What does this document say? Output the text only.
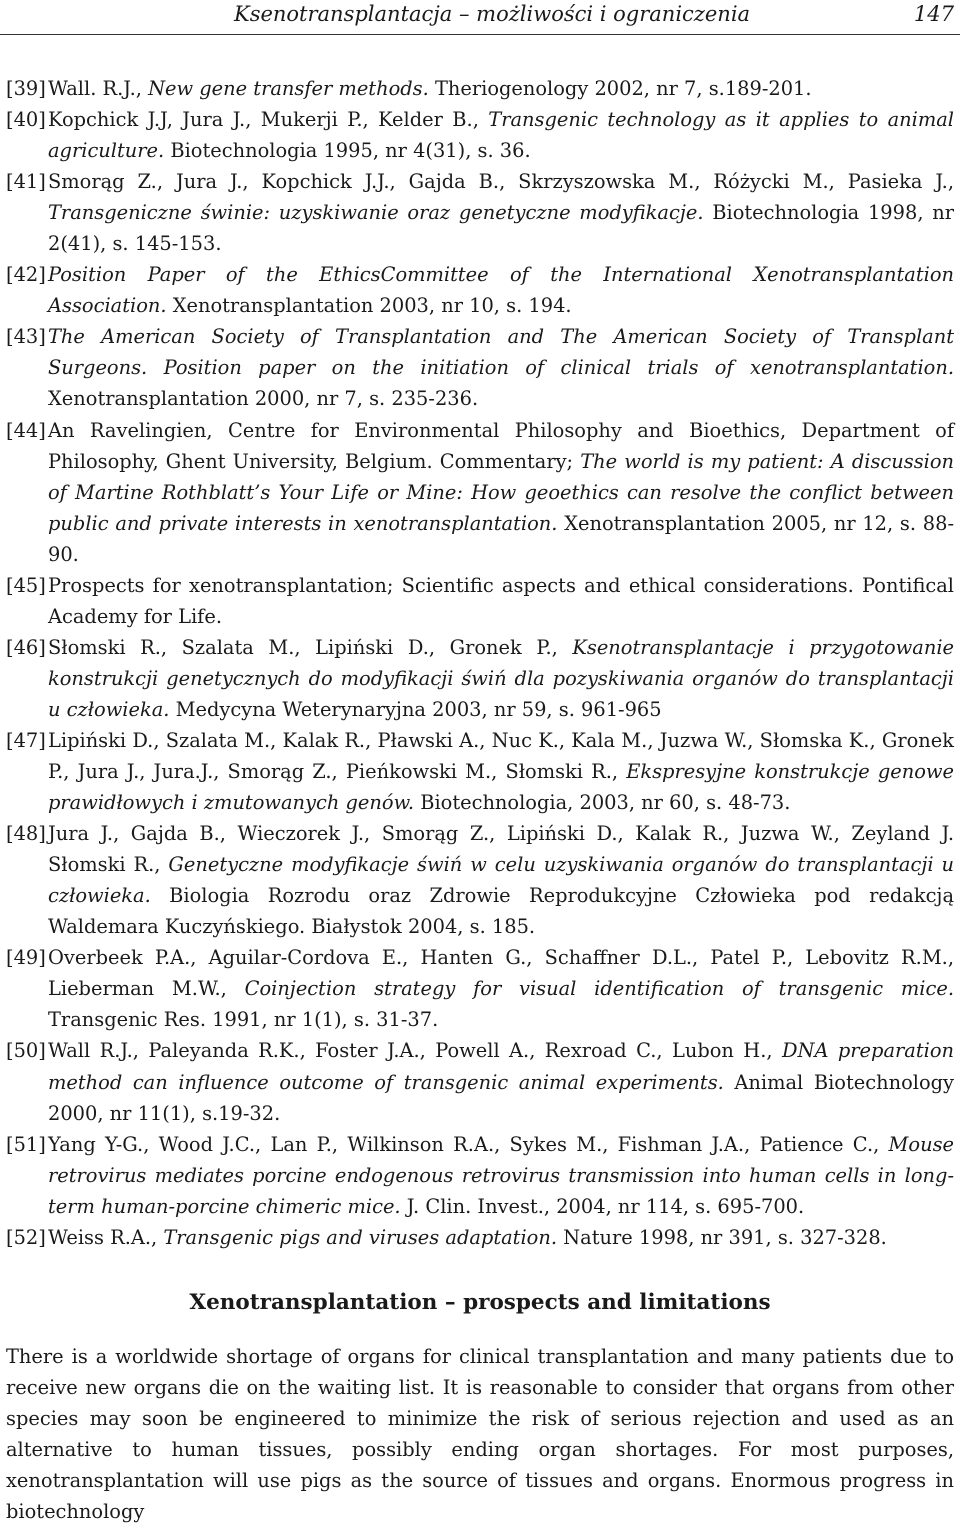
Ksenotransplantacja – możliwości i ograniczenia	147
[39] Wall. R.J., New gene transfer methods. Theriogenology 2002, nr 7, s.189-201.
[40] Kopchick J.J, Jura J., Mukerji P., Kelder B., Transgenic technology as it applies to animal agriculture. Biotechnologia 1995, nr 4(31), s. 36.
[41] Smorąg Z., Jura J., Kopchick J.J., Gajda B., Skrzyszowska M., Różycki M., Pasieka J., Transgeniczne świnie: uzyskiwanie oraz genetyczne modyfikacje. Biotechnologia 1998, nr 2(41), s. 145-153.
[42] Position Paper of the EthicsCommittee of the International Xenotransplantation Association. Xenotransplantation 2003, nr 10, s. 194.
[43] The American Society of Transplantation and The American Society of Transplant Surgeons. Position paper on the initiation of clinical trials of xenotransplantation. Xenotransplantation 2000, nr 7, s. 235-236.
[44] An Ravelingien, Centre for Environmental Philosophy and Bioethics, Department of Philosophy, Ghent University, Belgium. Commentary; The world is my patient: A discussion of Martine Rothblatt’s Your Life or Mine: How geoethics can resolve the conflict between public and private interests in xenotransplantation. Xenotransplantation 2005, nr 12, s. 88-90.
[45] Prospects for xenotransplantation; Scientific aspects and ethical considerations. Pontifical Academy for Life.
[46] Słomski R., Szalata M., Lipiński D., Gronek P., Ksenotransplantacje i przygotowanie konstrukcji genetycznych do modyfikacji świń dla pozyskiwania organów do transplantacji u człowieka. Medycyna Weterynaryjna 2003, nr 59, s. 961-965
[47] Lipiński D., Szalata M., Kalak R., Pławski A., Nuc K., Kala M., Juzwa W., Słomska K., Gronek P., Jura J., Jura.J., Smorąg Z., Pieńkowski M., Słomski R., Ekspresyjne konstrukcje genowe prawidłowych i zmutowanych genów. Biotechnologia, 2003, nr 60, s. 48-73.
[48] Jura J., Gajda B., Wieczorek J., Smorąg Z., Lipiński D., Kalak R., Juzwa W., Zeyland J. Słomski R., Genetyczne modyfikacje świń w celu uzyskiwania organów do transplantacji u człowieka. Biologia Rozrodu oraz Zdrowie Reprodukcyjne Człowieka pod redakcją Waldemara Kuczyńskiego. Białystok 2004, s. 185.
[49] Overbeek P.A., Aguilar-Cordova E., Hanten G., Schaffner D.L., Patel P., Lebovitz R.M., Lieberman M.W., Coinjection strategy for visual identification of transgenic mice. Transgenic Res. 1991, nr 1(1), s. 31-37.
[50] Wall R.J., Paleyanda R.K., Foster J.A., Powell A., Rexroad C., Lubon H., DNA preparation method can influence outcome of transgenic animal experiments. Animal Biotechnology 2000, nr 11(1), s.19-32.
[51] Yang Y-G., Wood J.C., Lan P., Wilkinson R.A., Sykes M., Fishman J.A., Patience C., Mouse retrovirus mediates porcine endogenous retrovirus transmission into human cells in long-term human-porcine chimeric mice. J. Clin. Invest., 2004, nr 114, s. 695-700.
[52] Weiss R.A., Transgenic pigs and viruses adaptation. Nature 1998, nr 391, s. 327-328.
Xenotransplantation – prospects and limitations

There is a worldwide shortage of organs for clinical transplantation and many patients due to receive new organs die on the waiting list. It is reasonable to consider that organs from other species may soon be engineered to minimize the risk of serious rejection and used as an alternative to human tissues, possibly ending organ shortages. For most purposes, xenotransplantation will use pigs as the source of tissues and organs. Enormous progress in biotechnology
